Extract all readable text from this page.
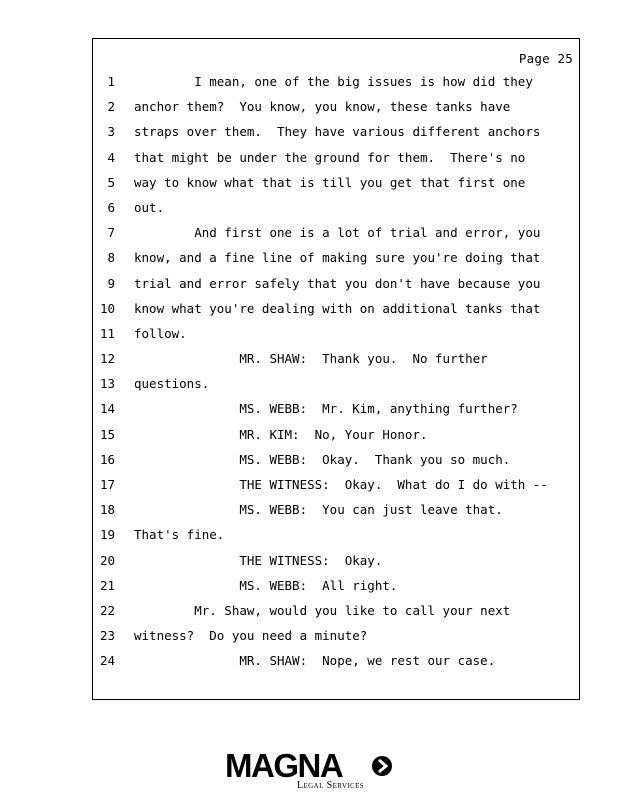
Page 25
1 I mean, one of the big issues is how did they
2 anchor them?  You know, you know, these tanks have
3 straps over them.  They have various different anchors
4 that might be under the ground for them.  There's no
5 way to know what that is till you get that first one
6 out.
7 And first one is a lot of trial and error, you
8 know, and a fine line of making sure you're doing that
9 trial and error safely that you don't have because you
10 know what you're dealing with on additional tanks that
11 follow.
12 MR. SHAW:  Thank you.  No further
13 questions.
14 MS. WEBB:  Mr. Kim, anything further?
15 MR. KIM:  No, Your Honor.
16 MS. WEBB:  Okay.  Thank you so much.
17 THE WITNESS:  Okay.  What do I do with --
18 MS. WEBB:  You can just leave that.
19 That's fine.
20 THE WITNESS:  Okay.
21 MS. WEBB:  All right.
22 Mr. Shaw, would you like to call your next
23 witness?  Do you need a minute?
24 MR. SHAW:  Nope, we rest our case.
MAGNA
Legal Services
